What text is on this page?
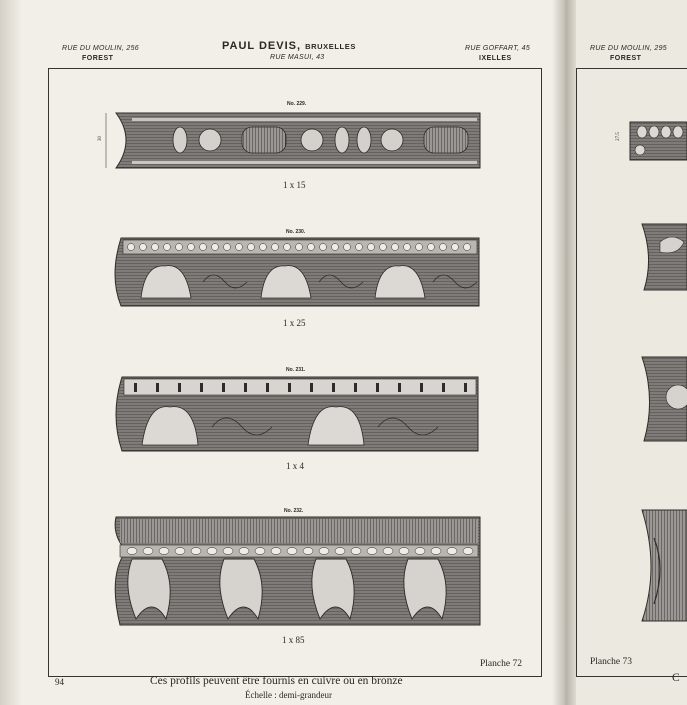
RUE DU MOULIN, 256
FOREST
PAUL DEVIS, BRUXELLES
RUE MASUI, 43
RUE GOFFART, 45
IXELLES
RUE DU MOULIN, 295
FOREST
No. 229.
30
1 x 15
No. 230.
1 x 25
No. 231.
1 x 4
No. 232.
1 x 85
Planche 72
27.5
Planche 73
C
94	Ces profils peuvent être fournis en cuivre ou en bronze
Échelle : demi-grandeur
